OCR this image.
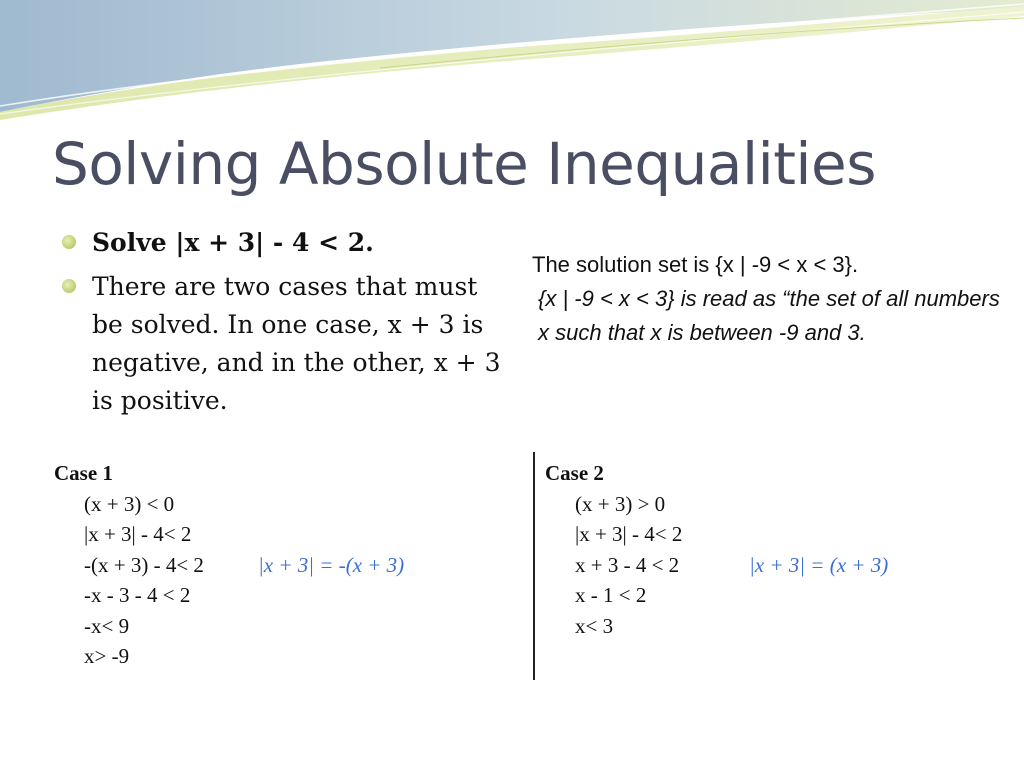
Solving Absolute Inequalities
Solve |x + 3| - 4 < 2.
There are two cases that must be solved. In one case, x + 3 is negative, and in the other, x + 3 is positive.
The solution set is {x | -9 < x < 3}.
{x | -9 < x < 3} is read as “the set of all numbers x such that x is between -9 and 3.
Case 1
(x + 3) < 0
|x + 3| - 4< 2
-(x + 3) - 4< 2	|x + 3| = -(x + 3)
-x - 3 - 4 < 2
-x< 9
x> -9
Case 2
(x + 3) > 0
|x + 3| - 4< 2
x + 3 - 4 < 2	|x + 3| = (x + 3)
x - 1 < 2
x< 3
